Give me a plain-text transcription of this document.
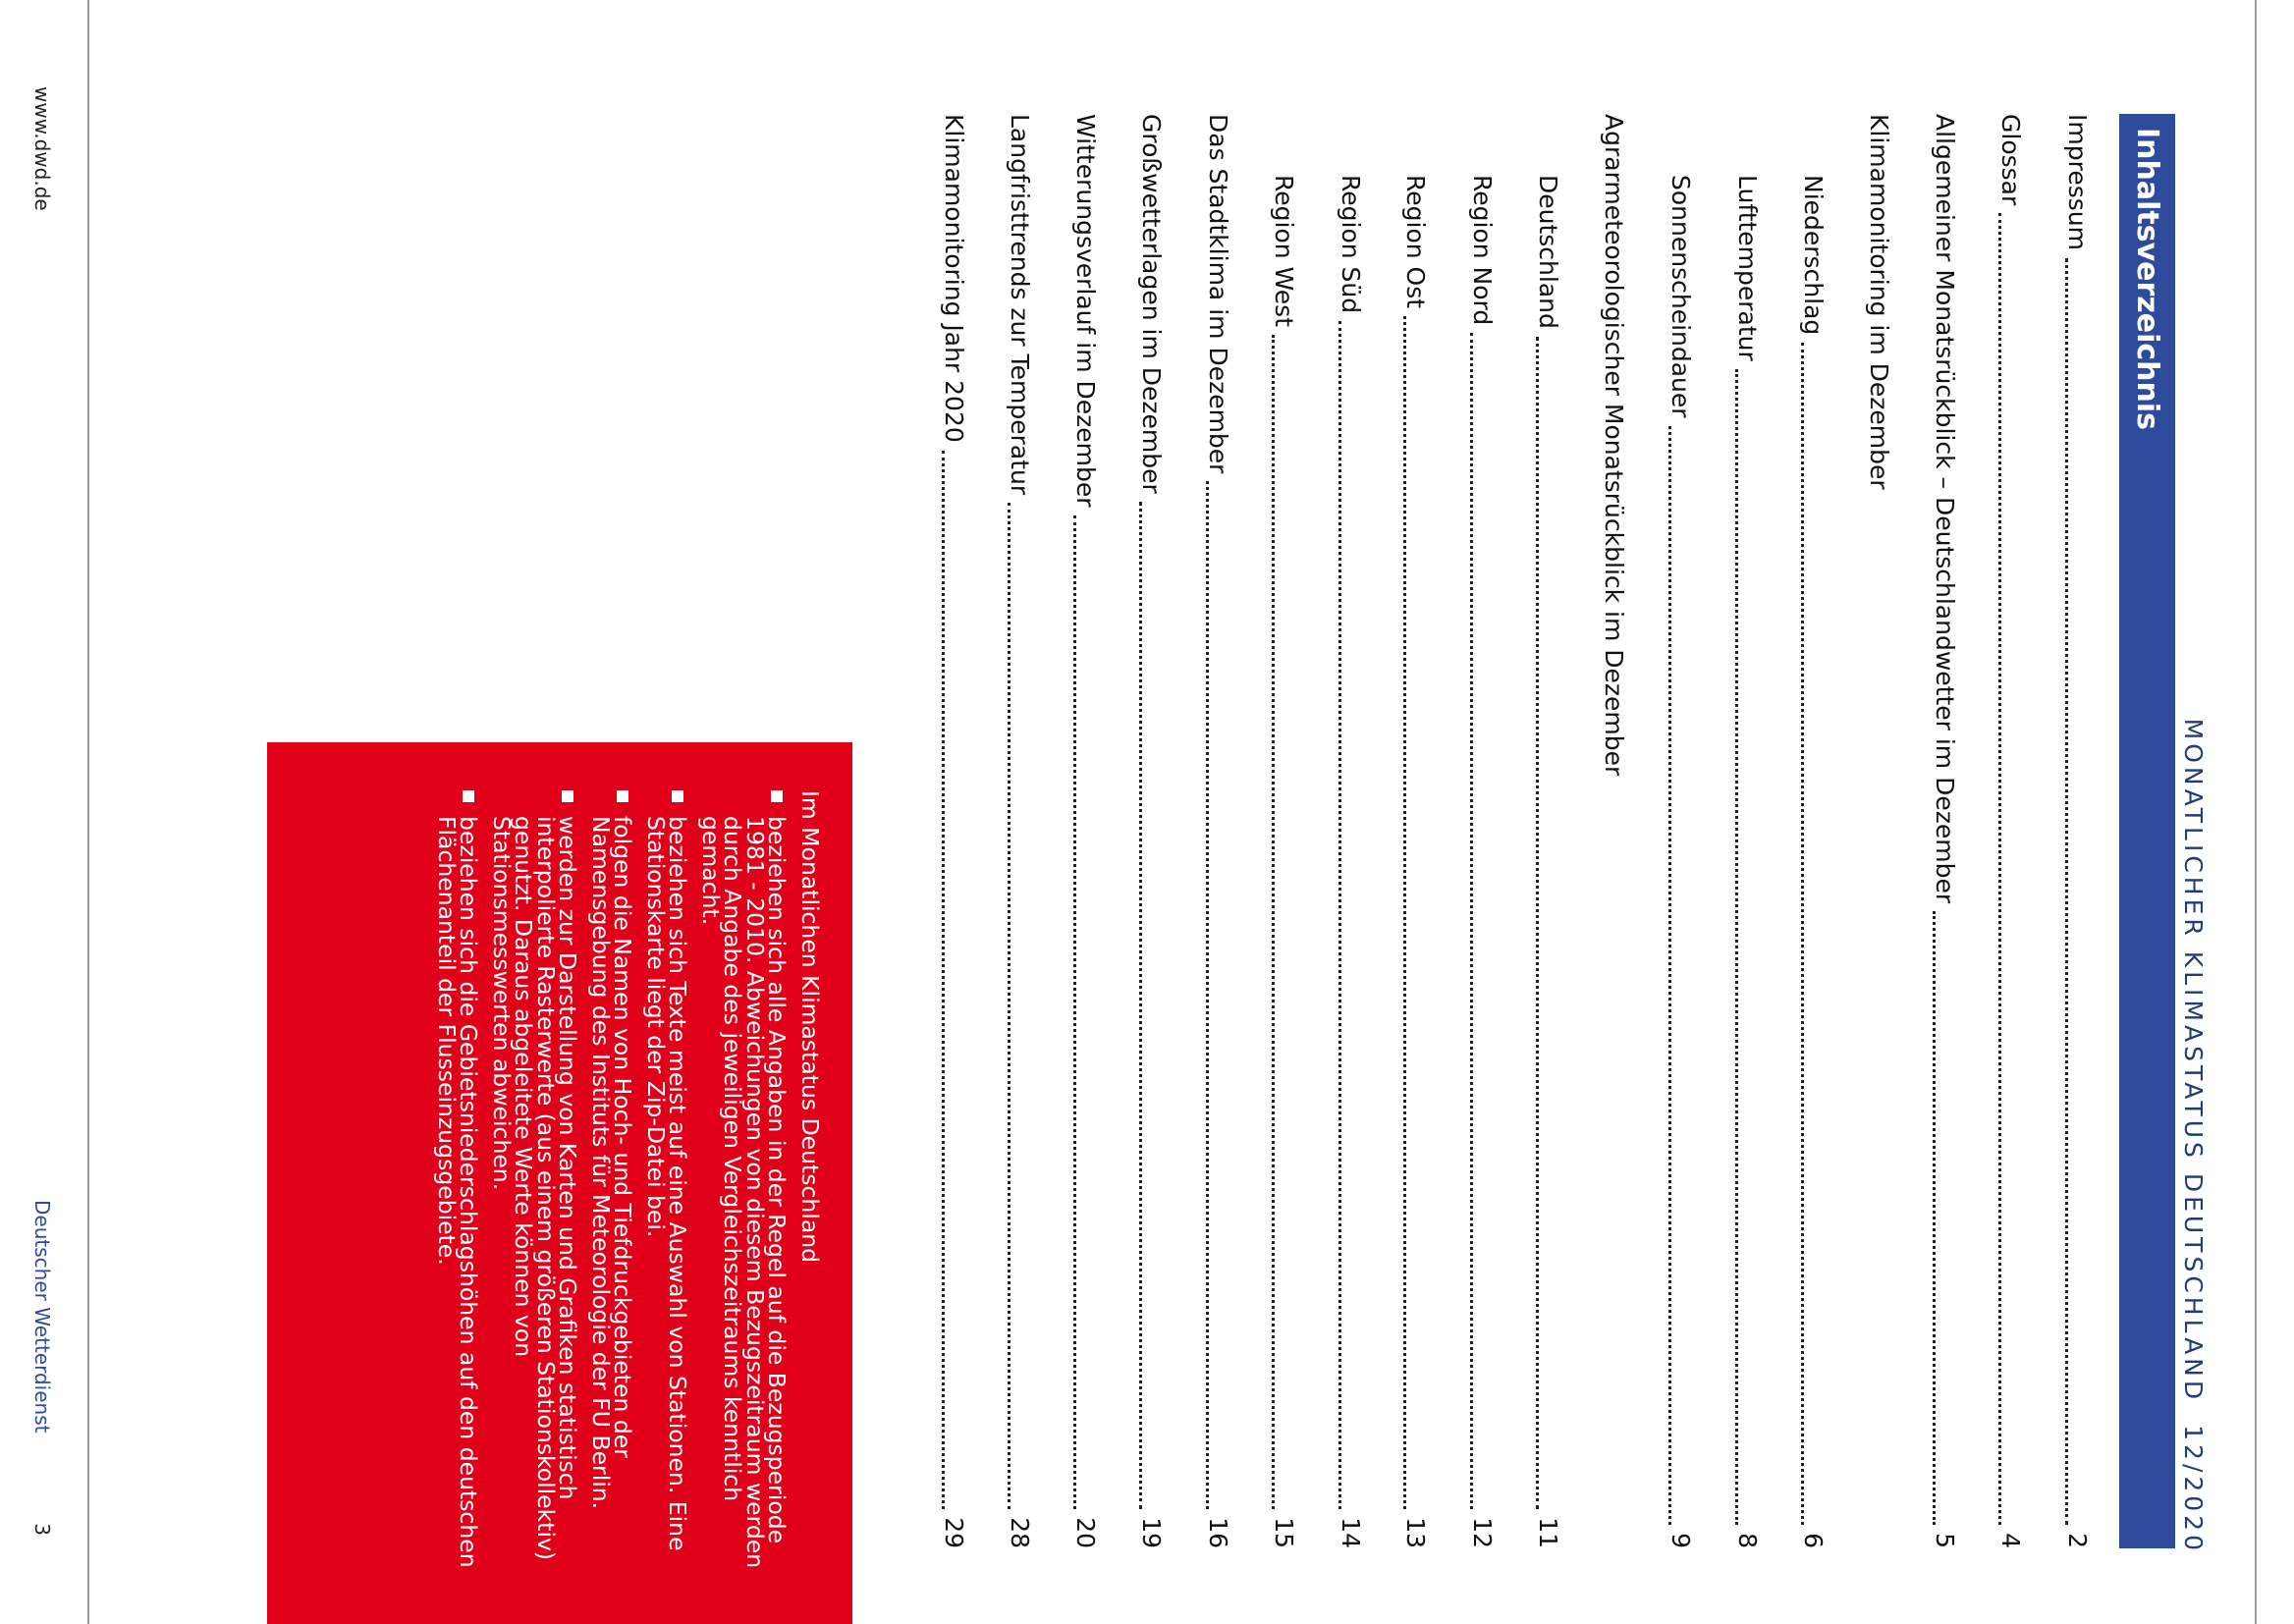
MONATLICHER KLIMASTATUS DEUTSCHLAND12/2020
Inhaltsverzeichnis
Impressum
2
Glossar
4
Allgemeiner Monatsrückblick – Deutschlandwetter im Dezember
5
Klimamonitoring im Dezember
Niederschlag
6
Lufttemperatur
8
Sonnenscheindauer
9
Agrarmeteorologischer Monatsrückblick im Dezember
Deutschland
11
Region Nord
12
Region Ost
13
Region Süd
14
Region West
15
Das Stadtklima im Dezember
16
Großwetterlagen im Dezember
19
Witterungsverlauf im Dezember
20
Langfristtrends zur Temperatur
28
Klimamonitoring Jahr 2020
29
Im Monatlichen Klimastatus Deutschland
beziehen sich alle Angaben in der Regel auf die Bezugsperiode 1981 - 2010. Abweichungen von diesem Bezugszeitraum werden durch Angabe des jeweiligen Vergleichszeitraums kenntlich gemacht.
beziehen sich Texte meist auf eine Auswahl von Stationen. Eine Stationskarte liegt der Zip-Datei bei.
folgen die Namen von Hoch- und Tiefdruckgebieten der Namensgebung des Instituts für Meteorologie der FU Berlin.
werden zur Darstellung von Karten und Grafiken statistisch interpolierte Rasterwerte (aus einem größeren Stationskollektiv) genutzt. Daraus abgeleitete Werte können von Stationsmesswerten abweichen.
beziehen sich die Gebietsniederschlagshöhen auf den deutschen Flächenanteil der Flusseinzugsgebiete.
www.dwd.de
Deutscher Wetterdienst
3
